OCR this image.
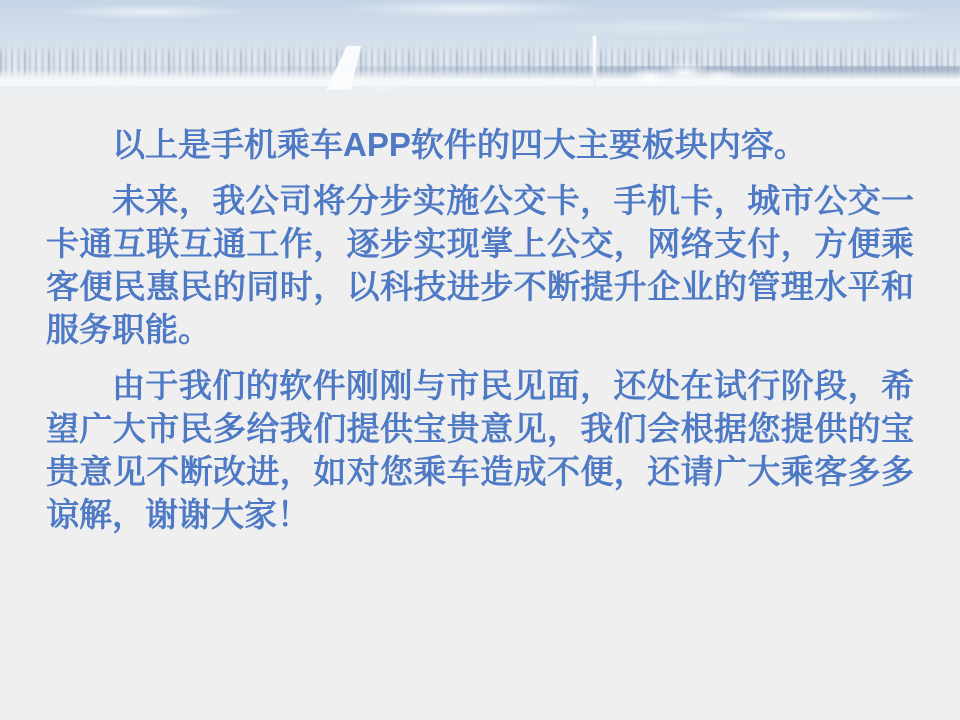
以上是手机乘车APP软件的四大主要板块内容。

未来，我公司将分步实施公交卡，手机卡，城市公交一卡通互联互通工作，逐步实现掌上公交，网络支付，方便乘客便民惠民的同时，以科技进步不断提升企业的管理水平和服务职能。

由于我们的软件刚刚与市民见面，还处在试行阶段，希望广大市民多给我们提供宝贵意见，我们会根据您提供的宝贵意见不断改进，如对您乘车造成不便，还请广大乘客多多谅解，谢谢大家！
